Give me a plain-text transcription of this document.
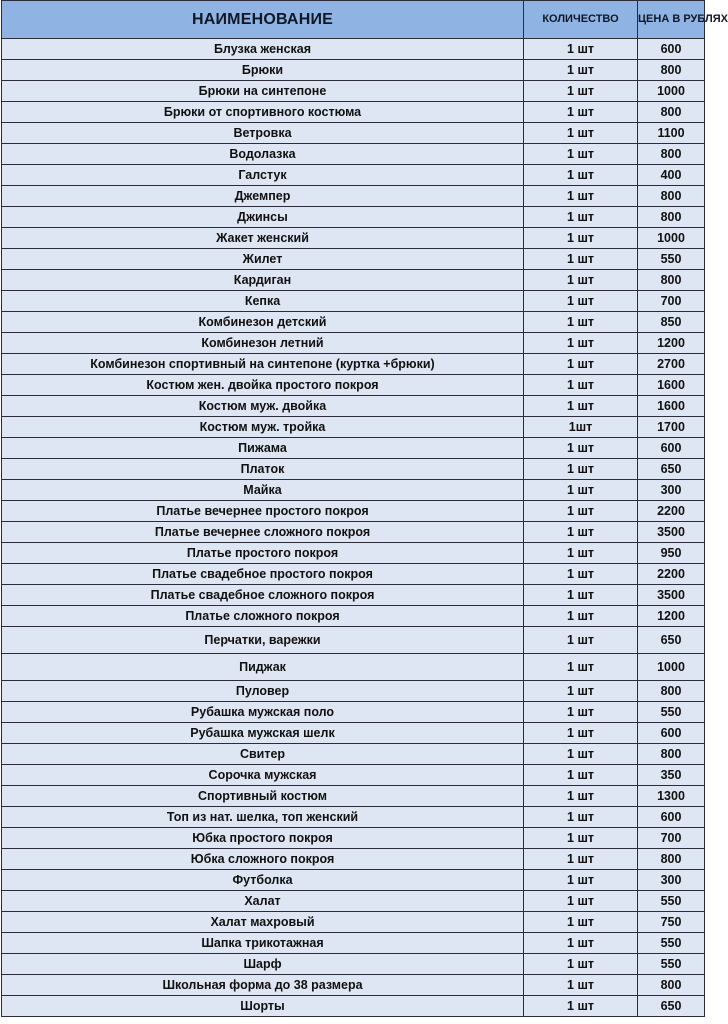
НАИМЕНОВАНИЕ	КОЛИЧЕСТВО	ЦЕНА В РУБЛЯХ
Блузка женская	1 шт	600
Брюки	1 шт	800
Брюки на синтепоне	1 шт	1000
Брюки от спортивного костюма	1 шт	800
Ветровка	1 шт	1100
Водолазка	1 шт	800
Галстук	1 шт	400
Джемпер	1 шт	800
Джинсы	1 шт	800
Жакет женский	1 шт	1000
Жилет	1 шт	550
Кардиган	1 шт	800
Кепка	1 шт	700
Комбинезон детский	1 шт	850
Комбинезон летний	1 шт	1200
Комбинезон спортивный на синтепоне (куртка +брюки)	1 шт	2700
Костюм жен. двойка простого покроя	1 шт	1600
Костюм муж. двойка	1 шт	1600
Костюм муж. тройка	1шт	1700
Пижама	1 шт	600
Платок	1 шт	650
Майка	1 шт	300
Платье вечернее простого покроя	1 шт	2200
Платье вечернее сложного покроя	1 шт	3500
Платье простого покроя	1 шт	950
Платье свадебное простого покроя	1 шт	2200
Платье свадебное сложного покроя	1 шт	3500
Платье сложного покроя	1 шт	1200
Перчатки, варежки	1 шт	650
Пиджак	1 шт	1000
Пуловер	1 шт	800
Рубашка мужская поло	1 шт	550
Рубашка мужская шелк	1 шт	600
Свитер	1 шт	800
Сорочка мужская	1 шт	350
Спортивный костюм	1 шт	1300
Топ из нат. шелка, топ женский	1 шт	600
Юбка простого покроя	1 шт	700
Юбка сложного покроя	1 шт	800
Футболка	1 шт	300
Халат	1 шт	550
Халат махровый	1 шт	750
Шапка трикотажная	1 шт	550
Шарф	1 шт	550
Школьная форма до 38 размера	1 шт	800
Шорты	1 шт	650
